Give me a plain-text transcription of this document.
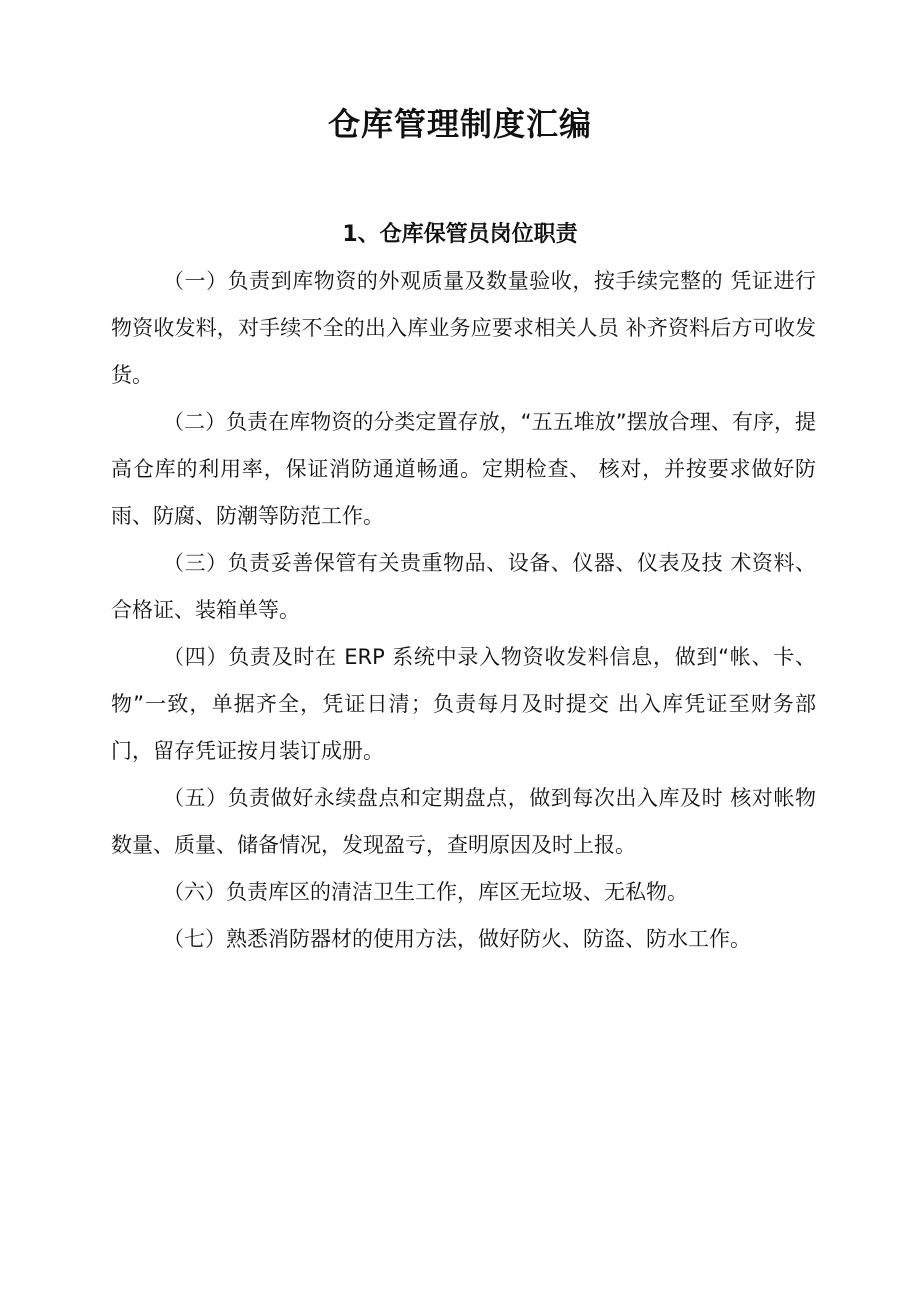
仓库管理制度汇编
1、仓库保管员岗位职责

（一）负责到库物资的外观质量及数量验收，按手续完整的 凭证进行物资收发料，对手续不全的出入库业务应要求相关人员 补齐资料后方可收发货。

（二）负责在库物资的分类定置存放，“五五堆放”摆放合理、有序，提高仓库的利用率，保证消防通道畅通。定期检查、 核对，并按要求做好防雨、防腐、防潮等防范工作。

（三）负责妥善保管有关贵重物品、设备、仪器、仪表及技 术资料、合格证、装箱单等。

（四）负责及时在 ERP 系统中录入物资收发料信息，做到“帐、卡、物”一致，单据齐全，凭证日清；负责每月及时提交 出入库凭证至财务部门，留存凭证按月装订成册。

（五）负责做好永续盘点和定期盘点，做到每次出入库及时 核对帐物数量、质量、储备情况，发现盈亏，查明原因及时上报。

（六）负责库区的清洁卫生工作，库区无垃圾、无私物。

（七）熟悉消防器材的使用方法，做好防火、防盗、防水工作。
